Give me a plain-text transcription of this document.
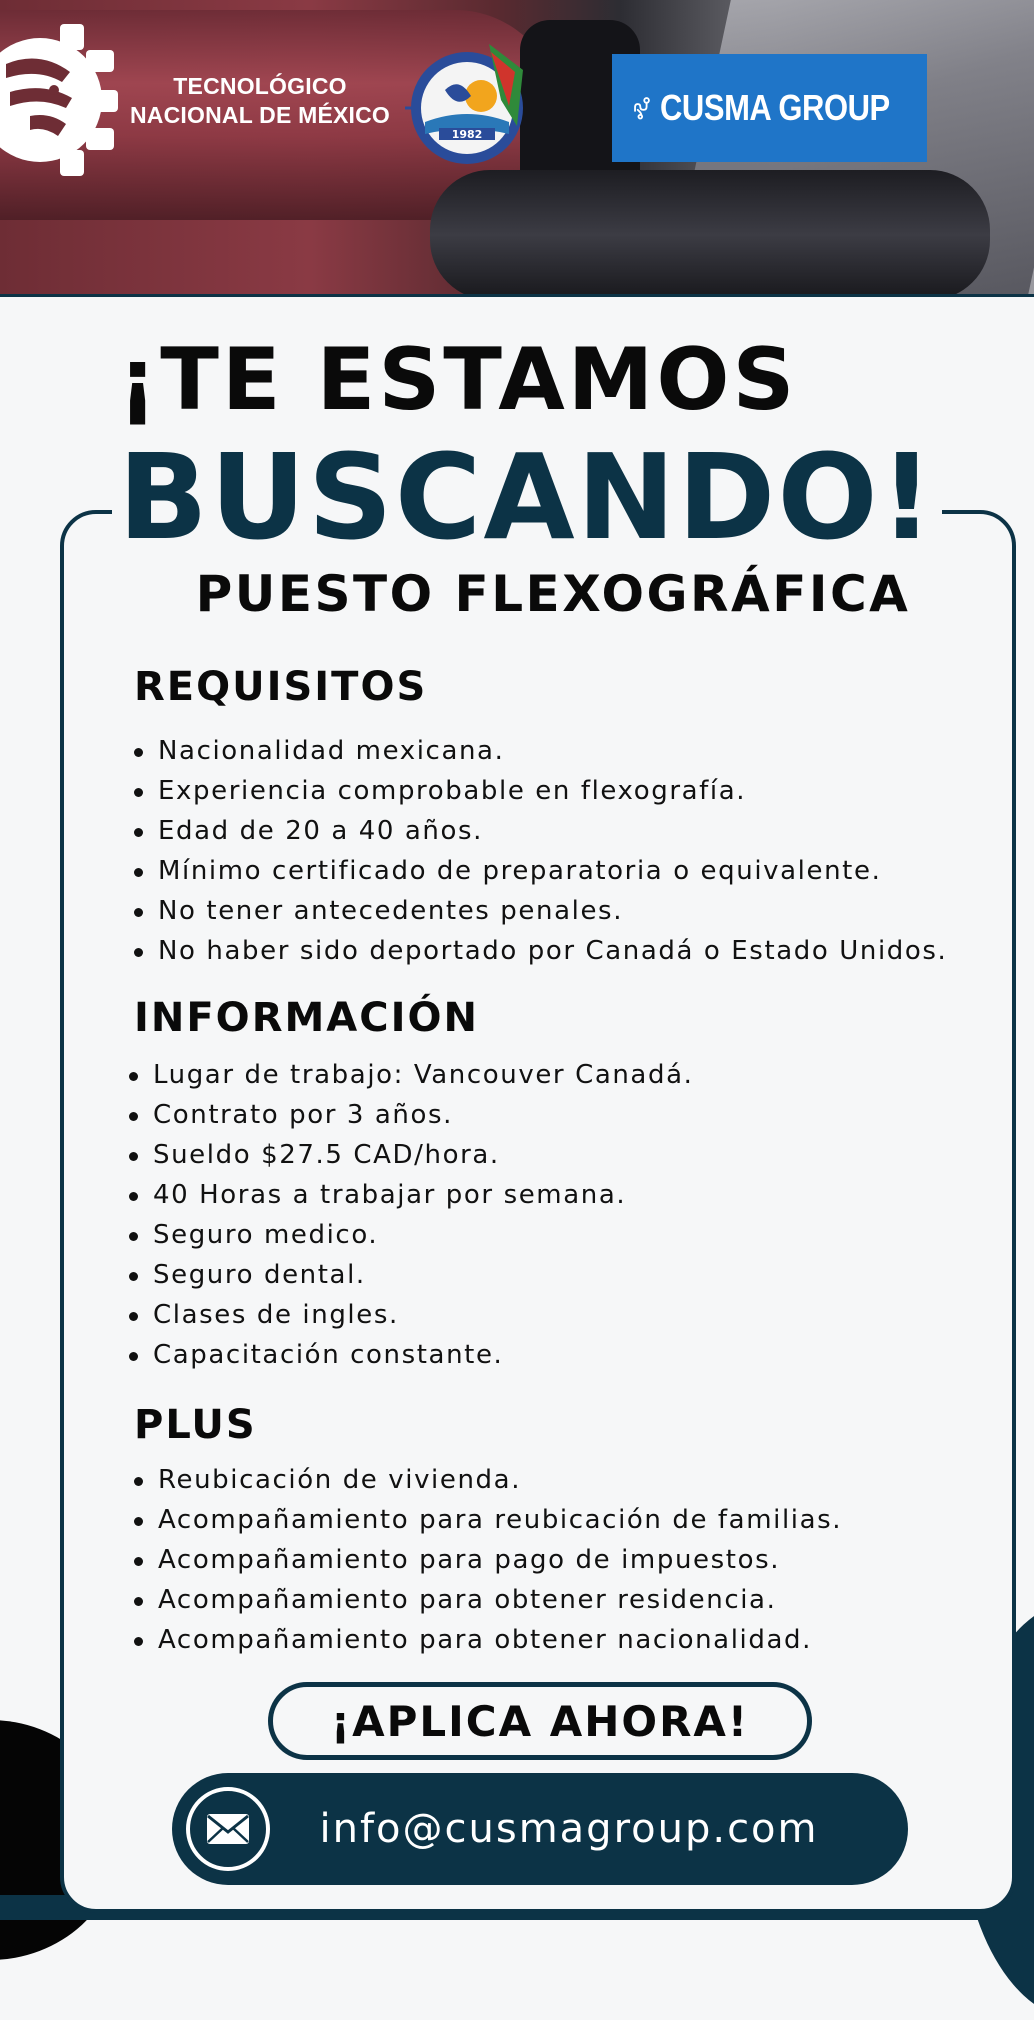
TECNOLÓGICO
NACIONAL DE MÉXICO
1982
CUSMA GROUP
¡TE ESTAMOS
BUSCANDO!
PUESTO FLEXOGRÁFICA
REQUISITOS
Nacionalidad mexicana.
Experiencia comprobable en flexografía.
Edad de 20 a 40 años.
Mínimo certificado de preparatoria o equivalente.
No tener antecedentes penales.
No haber sido deportado por Canadá o Estado Unidos.
INFORMACIÓN
Lugar de trabajo: Vancouver Canadá.
Contrato por 3 años.
Sueldo $27.5 CAD/hora.
40 Horas a trabajar por semana.
Seguro medico.
Seguro dental.
Clases de ingles.
Capacitación constante.
PLUS
Reubicación de vivienda.
Acompañamiento para reubicación de familias.
Acompañamiento para pago de impuestos.
Acompañamiento para obtener residencia.
Acompañamiento para obtener nacionalidad.
¡APLICA AHORA!
info@cusmagroup.com
